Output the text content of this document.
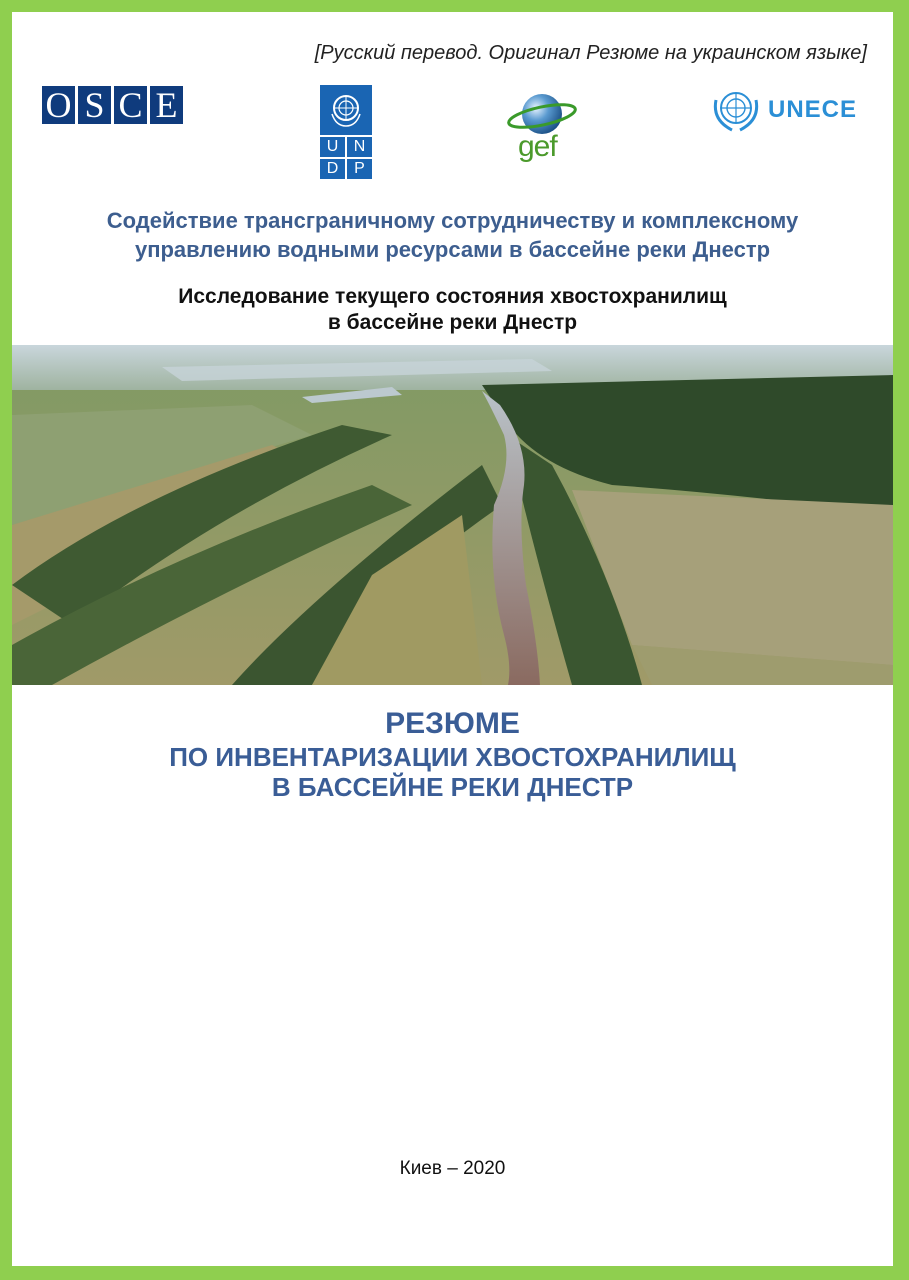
[Русский перевод. Оригинал Резюме на украинском языке]
O S C E
U N
D P
gef
UNECE
Содействие трансграничному сотрудничеству и комплексному
управлению водными ресурсами в бассейне реки Днестр
Исследование текущего состояния хвостохранилищ
в бассейне реки Днестр
РЕЗЮМЕ
ПО ИНВЕНТАРИЗАЦИИ ХВОСТОХРАНИЛИЩ
В БАССЕЙНЕ РЕКИ ДНЕСТР
Киев – 2020
